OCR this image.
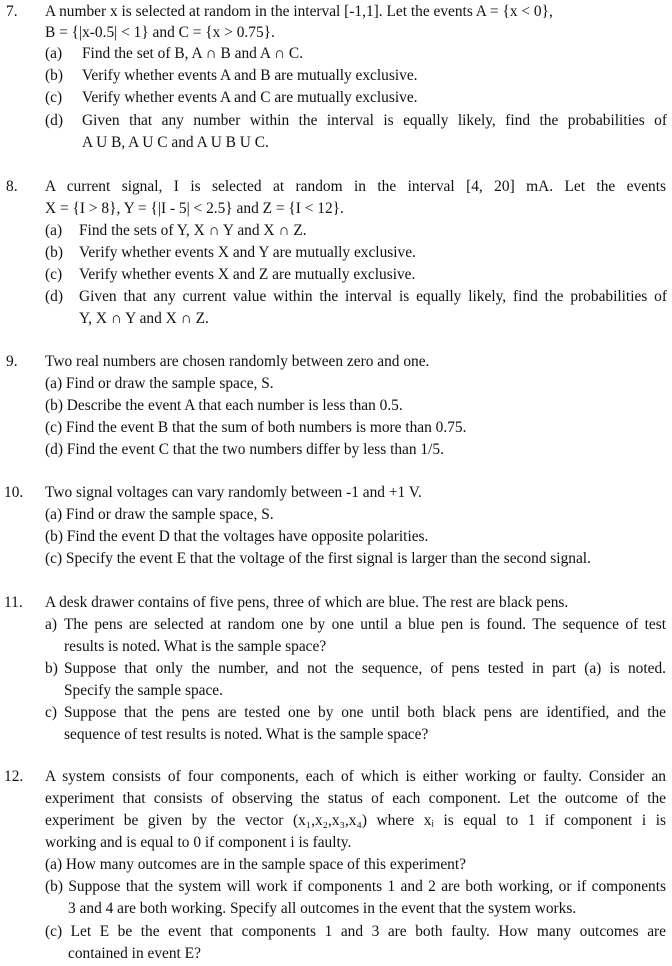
7. A number x is selected at random in the interval [-1,1]. Let the events A = {x < 0},
B = {|x-0.5| < 1} and C = {x > 0.75}.
(a) Find the set of B, A ∩ B and A ∩ C.
(b) Verify whether events A and B are mutually exclusive.
(c) Verify whether events A and C are mutually exclusive.
(d) Given that any number within the interval is equally likely, find the probabilities of
A U B, A U C and A U B U C.
8. A current signal, I is selected at random in the interval [4, 20] mA. Let the events
X = {I > 8}, Y = {|I - 5| < 2.5} and Z = {I < 12}.
(a) Find the sets of Y, X ∩ Y and X ∩ Z.
(b) Verify whether events X and Y are mutually exclusive.
(c) Verify whether events X and Z are mutually exclusive.
(d) Given that any current value within the interval is equally likely, find the probabilities of
Y, X ∩ Y and X ∩ Z.
9. Two real numbers are chosen randomly between zero and one.
(a) Find or draw the sample space, S.
(b) Describe the event A that each number is less than 0.5.
(c) Find the event B that the sum of both numbers is more than 0.75.
(d) Find the event C that the two numbers differ by less than 1/5.
10. Two signal voltages can vary randomly between -1 and +1 V.
(a) Find or draw the sample space, S.
(b) Find the event D that the voltages have opposite polarities.
(c) Specify the event E that the voltage of the first signal is larger than the second signal.
11. A desk drawer contains of five pens, three of which are blue. The rest are black pens.
a) The pens are selected at random one by one until a blue pen is found. The sequence of test
results is noted. What is the sample space?
b) Suppose that only the number, and not the sequence, of pens tested in part (a) is noted.
Specify the sample space.
c) Suppose that the pens are tested one by one until both black pens are identified, and the
sequence of test results is noted. What is the sample space?
12. A system consists of four components, each of which is either working or faulty. Consider an
experiment that consists of observing the status of each component. Let the outcome of the
experiment be given by the vector (x₁,x₂,x₃,x₄) where xᵢ is equal to 1 if component i is
working and is equal to 0 if component i is faulty.
(a) How many outcomes are in the sample space of this experiment?
(b) Suppose that the system will work if components 1 and 2 are both working, or if components
3 and 4 are both working. Specify all outcomes in the event that the system works.
(c) Let E be the event that components 1 and 3 are both faulty. How many outcomes are
contained in event E?
